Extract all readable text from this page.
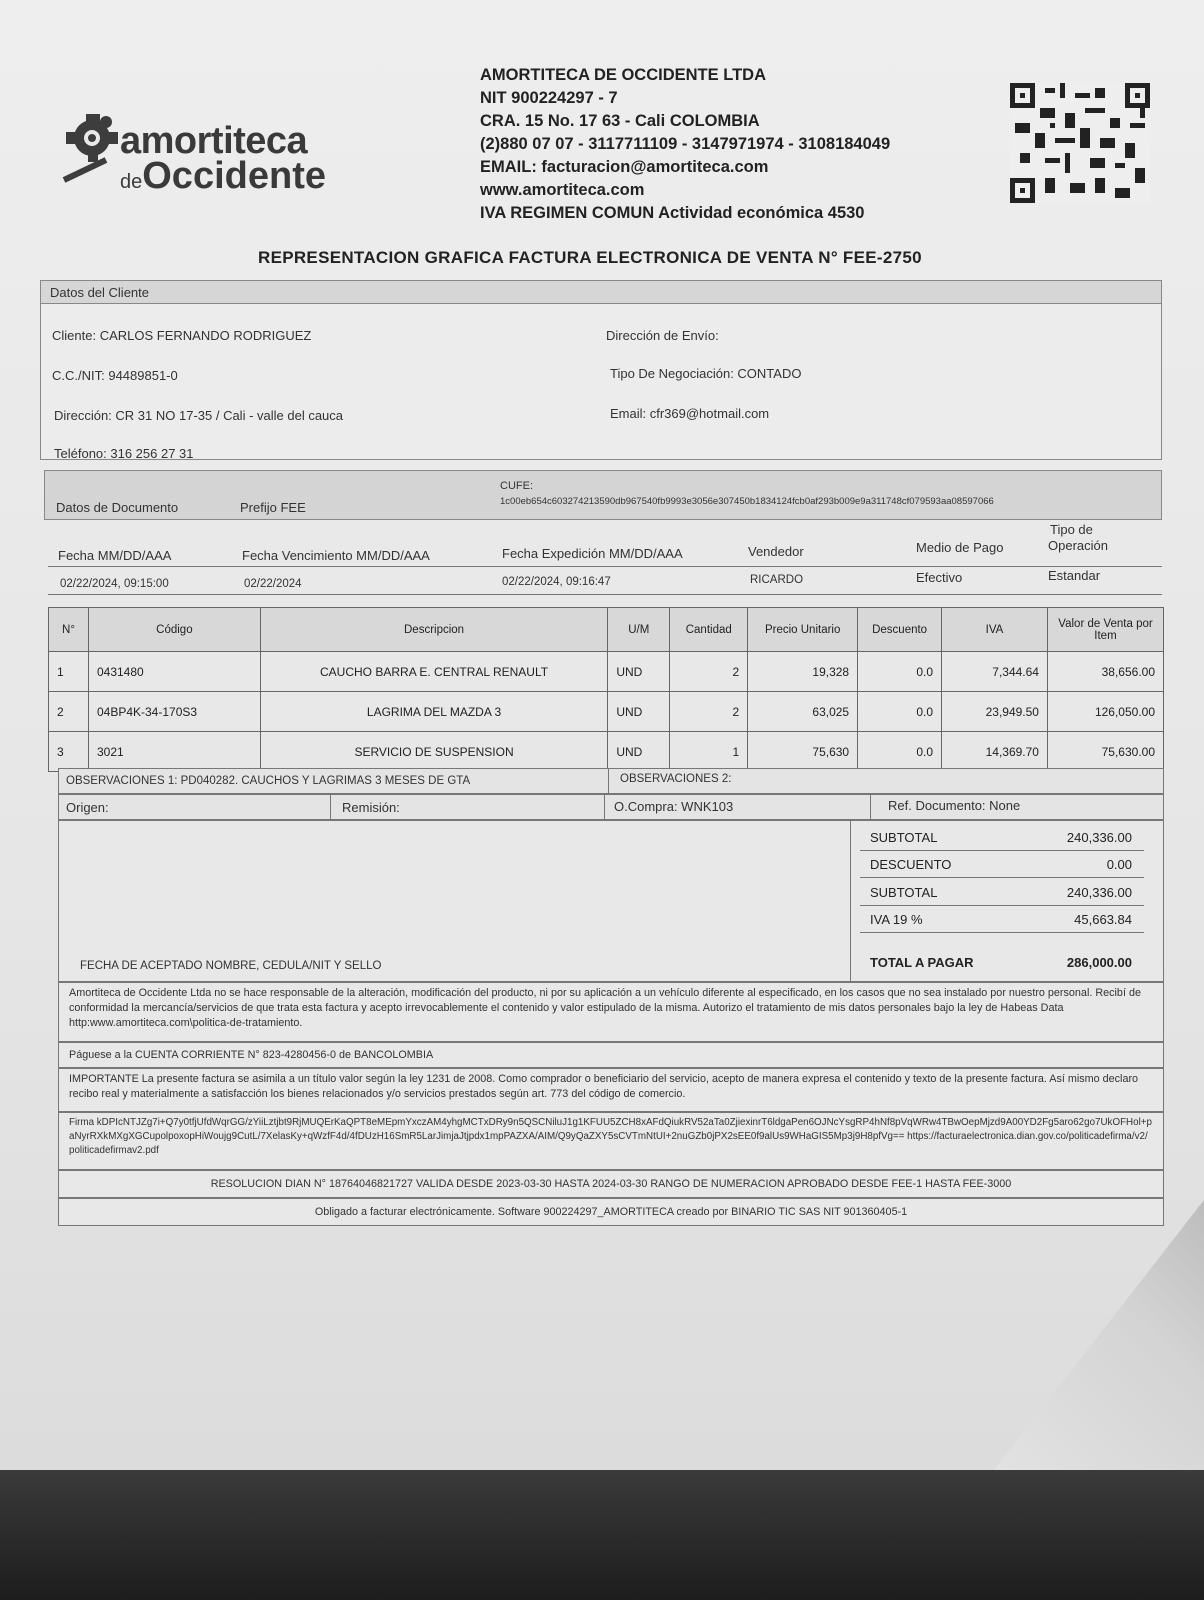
amortiteca
deOccidente
AMORTITECA DE OCCIDENTE LTDA
NIT 900224297 - 7
CRA. 15 No. 17 63 - Cali COLOMBIA
(2)880 07 07 - 3117711109 - 3147971974 - 3108184049
EMAIL: facturacion@amortiteca.com
www.amortiteca.com
IVA REGIMEN COMUN Actividad económica 4530
REPRESENTACION GRAFICA FACTURA ELECTRONICA DE VENTA N° FEE-2750
Datos del Cliente
Cliente: CARLOS FERNANDO RODRIGUEZ
C.C./NIT: 94489851-0
Dirección: CR 31 NO 17-35 / Cali - valle del cauca
Teléfono: 316 256 27 31
Dirección de Envío:
Tipo De Negociación: CONTADO
Email: cfr369@hotmail.com
Datos de Documento	Prefijo FEE
CUFE:
1c00eb654c603274213590db967540fb9993e3056e307450b1834124fcb0af293b009e9a311748cf079593aa08597066
Fecha MM/DD/AAA	Fecha Vencimiento MM/DD/AAA	Fecha Expedición MM/DD/AAA	Vendedor	Medio de Pago
Tipo de
Operación
02/22/2024, 09:15:00	02/22/2024	02/22/2024, 09:16:47	RICARDO	Efectivo	Estandar
N°	Código	Descripcion	U/M	Cantidad	Precio Unitario	Descuento	IVA	Valor de Venta por Item
1	0431480	CAUCHO BARRA E. CENTRAL RENAULT	UND	2	19,328	0.0	7,344.64	38,656.00
2	04BP4K-34-170S3	LAGRIMA DEL MAZDA 3	UND	2	63,025	0.0	23,949.50	126,050.00
3	3021	SERVICIO DE SUSPENSION	UND	1	75,630	0.0	14,369.70	75,630.00
OBSERVACIONES 1: PD040282. CAUCHOS Y LAGRIMAS 3 MESES DE GTA	OBSERVACIONES 2:
Origen:	Remisión:	O.Compra: WNK103	Ref. Documento: None
FECHA DE ACEPTADO NOMBRE, CEDULA/NIT Y SELLO
SUBTOTAL	240,336.00
DESCUENTO	0.00
SUBTOTAL	240,336.00
IVA 19 %	45,663.84
TOTAL A PAGAR	286,000.00
Amortiteca de Occidente Ltda no se hace responsable de la alteración, modificación del producto, ni por su aplicación a un vehículo diferente al especificado, en los casos que no sea instalado por nuestro personal. Recibí de conformidad la mercancía/servicios de que trata esta factura y acepto irrevocablemente el contenido y valor estipulado de la misma. Autorizo el tratamiento de mis datos personales bajo la ley de Habeas Data http:www.amortiteca.com\politica-de-tratamiento.
Páguese a la CUENTA CORRIENTE N° 823-4280456-0 de BANCOLOMBIA
IMPORTANTE La presente factura se asimila a un título valor según la ley 1231 de 2008. Como comprador o beneficiario del servicio, acepto de manera expresa el contenido y texto de la presente factura. Así mismo declaro recibo real y materialmente a satisfacción los bienes relacionados y/o servicios prestados según art. 773 del código de comercio.
Firma kDPIcNTJZg7i+Q7y0tfjUfdWqrGG/zYiiLztjbt9RjMUQErKaQPT8eMEpmYxczAM4yhgMCTxDRy9n5QSCNiluJ1g1KFUU5ZCH8xAFdQiukRV52aTa0ZjiexinrT6ldgaPen6OJNcYsgRP4hNf8pVqWRw4TBwOepMjzd9A00YD2Fg5aro62go7UkOFHol+paNyrRXkMXgXGCupolpoxopHiWoujg9CutL/7XelasKy+qWzfF4d/4fDUzH16SmR5LarJimjaJtjpdx1mpPAZXA/AIM/Q9yQaZXY5sCVTmNtUI+2nuGZb0jPX2sEE0f9alUs9WHaGIS5Mp3j9H8pfVg== https://facturaelectronica.dian.gov.co/politicadefirma/v2/politicadefirmav2.pdf
RESOLUCION DIAN N° 18764046821727 VALIDA DESDE 2023-03-30 HASTA 2024-03-30 RANGO DE NUMERACION APROBADO DESDE FEE-1 HASTA FEE-3000
Obligado a facturar electrónicamente. Software 900224297_AMORTITECA creado por BINARIO TIC SAS NIT 901360405-1
